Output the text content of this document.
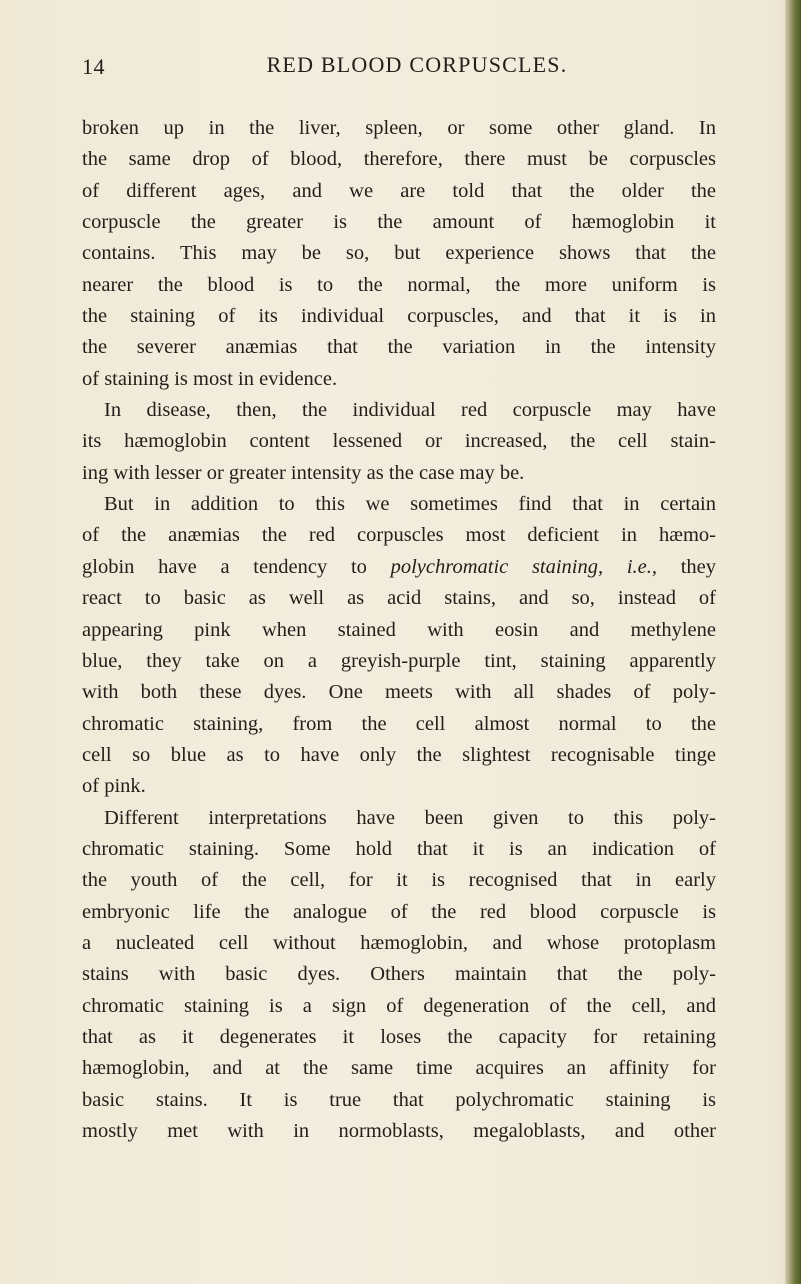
14	RED BLOOD CORPUSCLES.
broken up in the liver, spleen, or some other gland. In
the same drop of blood, therefore, there must be corpuscles
of different ages, and we are told that the older the
corpuscle the greater is the amount of hæmoglobin it
contains. This may be so, but experience shows that the
nearer the blood is to the normal, the more uniform is
the staining of its individual corpuscles, and that it is in
the severer anæmias that the variation in the intensity
of staining is most in evidence.
In disease, then, the individual red corpuscle may have
its hæmoglobin content lessened or increased, the cell stain-
ing with lesser or greater intensity as the case may be.
But in addition to this we sometimes find that in certain
of the anæmias the red corpuscles most deficient in hæmo-
globin have a tendency to polychromatic staining, i.e., they
react to basic as well as acid stains, and so, instead of
appearing pink when stained with eosin and methylene
blue, they take on a greyish-purple tint, staining apparently
with both these dyes. One meets with all shades of poly-
chromatic staining, from the cell almost normal to the
cell so blue as to have only the slightest recognisable tinge
of pink.
Different interpretations have been given to this poly-
chromatic staining. Some hold that it is an indication of
the youth of the cell, for it is recognised that in early
embryonic life the analogue of the red blood corpuscle is
a nucleated cell without hæmoglobin, and whose protoplasm
stains with basic dyes. Others maintain that the poly-
chromatic staining is a sign of degeneration of the cell, and
that as it degenerates it loses the capacity for retaining
hæmoglobin, and at the same time acquires an affinity for
basic stains. It is true that polychromatic staining is
mostly met with in normoblasts, megaloblasts, and other
